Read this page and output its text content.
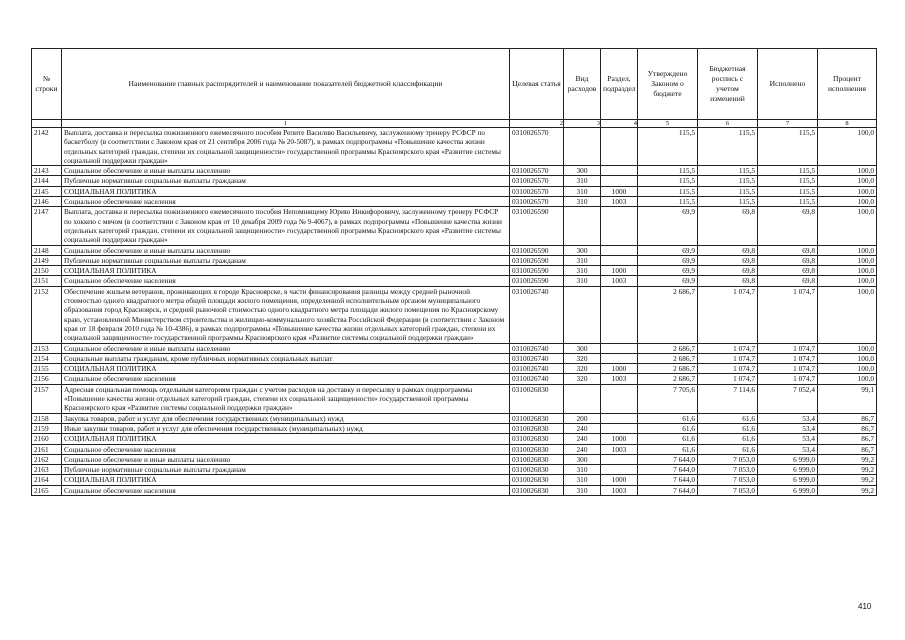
№ строки	Наименование главных распорядителей и наименование показателей бюджетной классификации	Целевая статья	Вид расходов	Раздел, подраздел	Утверждено Законом о бюджете	Бюджетная роспись с учетом изменений	Исполнено	Процент исполнения
	1	2	3	4	5	6	7	8
2142	Выплата, доставка и пересылка пожизненного ежемесячного пособия Репите Василию Васильевичу, заслуженному тренеру РСФСР по баскетболу (в соответствии с Законом края от 21 сентября 2006 года № 20-5087), в рамках подпрограммы «Повышение качества жизни отдельных категорий граждан, степени их социальной защищенности» государственной программы Красноярского края «Развитие системы социальной поддержки граждан»	0310026570			115,5	115,5	115,5	100,0
2143	Социальное обеспечение и иные выплаты населению	0310026570	300		115,5	115,5	115,5	100,0
2144	Публичные нормативные социальные выплаты гражданам	0310026570	310		115,5	115,5	115,5	100,0
2145	СОЦИАЛЬНАЯ ПОЛИТИКА	0310026570	310	1000	115,5	115,5	115,5	100,0
2146	Социальное обеспечение населения	0310026570	310	1003	115,5	115,5	115,5	100,0
2147	Выплата, доставка и пересылка пожизненного ежемесячного пособия Непомнящему Юрию Никифоровичу, заслуженному тренеру РСФСР по хоккею с мячом (в соответствии с Законом края от 10 декабря 2009 года № 9-4067), в рамках подпрограммы «Повышение качества жизни отдельных категорий граждан, степени их социальной защищенности» государственной программы Красноярского края «Развитие системы социальной поддержки граждан»	0310026590			69,9	69,8	69,8	100,0
2148	Социальное обеспечение и иные выплаты населению	0310026590	300		69,9	69,8	69,8	100,0
2149	Публичные нормативные социальные выплаты гражданам	0310026590	310		69,9	69,8	69,8	100,0
2150	СОЦИАЛЬНАЯ ПОЛИТИКА	0310026590	310	1000	69,9	69,8	69,8	100,0
2151	Социальное обеспечение населения	0310026590	310	1003	69,9	69,8	69,8	100,0
2152	Обеспечение жильем ветеранов, проживающих в городе Красноярске, в части финансирования разницы между средней рыночной стоимостью одного квадратного метра общей площади жилого помещения, определенной исполнительным органом муниципального образования город Красноярск, и средней рыночной стоимостью одного квадратного метра площади жилого помещения по Красноярскому краю, установленной Министерством строительства и жилищно-коммунального хозяйства Российской Федерации (в соответствии с Законом края от 18 февраля 2010 года № 10-4386), в рамках подпрограммы «Повышение качества жизни отдельных категорий граждан, степени их социальной защищенности» государственной программы Красноярского края «Развитие системы социальной поддержки граждан»	0310026740			2 686,7	1 074,7	1 074,7	100,0
2153	Социальное обеспечение и иные выплаты населению	0310026740	300		2 686,7	1 074,7	1 074,7	100,0
2154	Социальные выплаты гражданам, кроме публичных нормативных социальных выплат	0310026740	320		2 686,7	1 074,7	1 074,7	100,0
2155	СОЦИАЛЬНАЯ ПОЛИТИКА	0310026740	320	1000	2 686,7	1 074,7	1 074,7	100,0
2156	Социальное обеспечение населения	0310026740	320	1003	2 686,7	1 074,7	1 074,7	100,0
2157	Адресная социальная помощь отдельным категориям граждан с учетом расходов на доставку и пересылку в рамках подпрограммы «Повышение качества жизни отдельных категорий граждан, степени их социальной защищенности» государственной программы Красноярского края «Развитие системы социальной поддержки граждан»	0310026830			7 705,6	7 114,6	7 052,4	99,1
2158	Закупка товаров, работ и услуг для обеспечения государственных (муниципальных) нужд	0310026830	200		61,6	61,6	53,4	86,7
2159	Иные закупки товаров, работ и услуг для обеспечения государственных (муниципальных) нужд	0310026830	240		61,6	61,6	53,4	86,7
2160	СОЦИАЛЬНАЯ ПОЛИТИКА	0310026830	240	1000	61,6	61,6	53,4	86,7
2161	Социальное обеспечение населения	0310026830	240	1003	61,6	61,6	53,4	86,7
2162	Социальное обеспечение и иные выплаты населению	0310026830	300		7 644,0	7 053,0	6 999,0	99,2
2163	Публичные нормативные социальные выплаты гражданам	0310026830	310		7 644,0	7 053,0	6 999,0	99,2
2164	СОЦИАЛЬНАЯ ПОЛИТИКА	0310026830	310	1000	7 644,0	7 053,0	6 999,0	99,2
2165	Социальное обеспечение населения	0310026830	310	1003	7 644,0	7 053,0	6 999,0	99,2
410
